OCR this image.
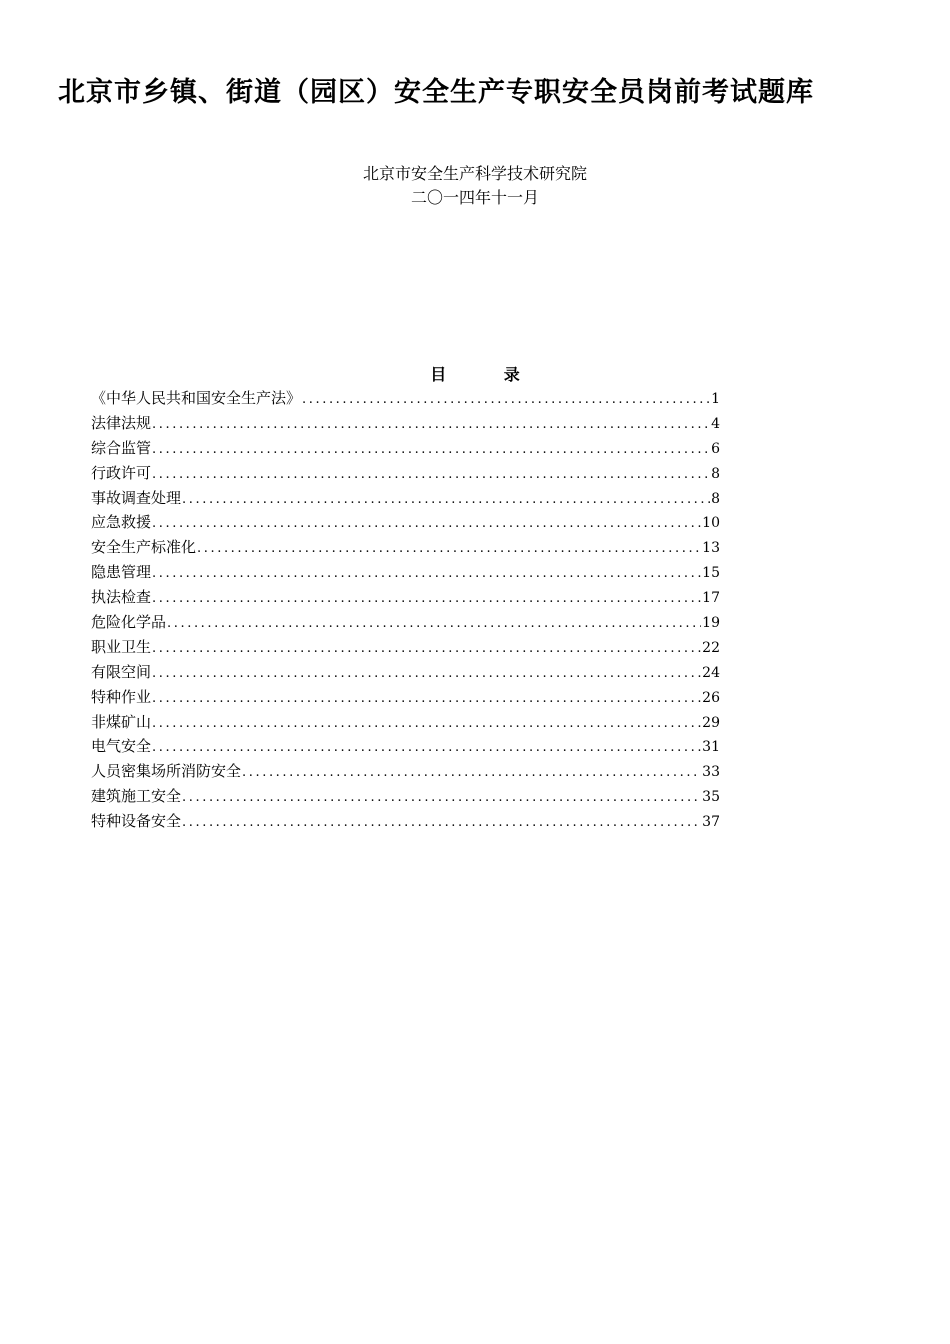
北京市乡镇、街道（园区）安全生产专职安全员岗前考试题库
北京市安全生产科学技术研究院
二〇一四年十一月
目 录
《中华人民共和国安全生产法》 .....	1
法律法规 .....	4
综合监管 .....	6
行政许可 .....	8
事故调查处理 .....	8
应急救援 .....	10
安全生产标准化 .....	13
隐患管理 .....	15
执法检查 .....	17
危险化学品 .....	19
职业卫生 .....	22
有限空间 .....	24
特种作业 .....	26
非煤矿山 .....	29
电气安全 .....	31
人员密集场所消防安全 .....	33
建筑施工安全 .....	35
特种设备安全 .....	37
